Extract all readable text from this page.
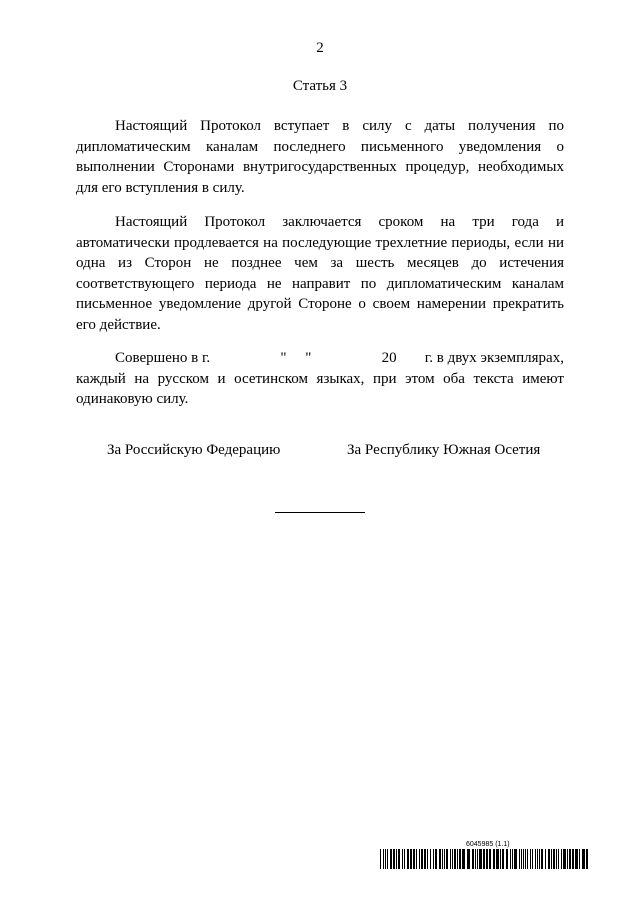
2
Статья 3

Настоящий Протокол вступает в силу с даты получения по дипломатическим каналам последнего письменного уведомления о выполнении Сторонами внутригосударственных процедур, необходимых для его вступления в силу.

Настоящий Протокол заключается сроком на три года и автоматически продлевается на последующие трехлетние периоды, если ни одна из Сторон не позднее чем за шесть месяцев до истечения соответствующего периода не направит по дипломатическим каналам письменное уведомление другой Стороне о своем намерении прекратить его действие.

Совершено в г.	"     "	20 г. в двух экземплярах,
каждый на русском и осетинском языках, при этом оба текста имеют одинаковую силу.
За Российскую Федерацию	За Республику Южная Осетия
6045985 (1.1)
